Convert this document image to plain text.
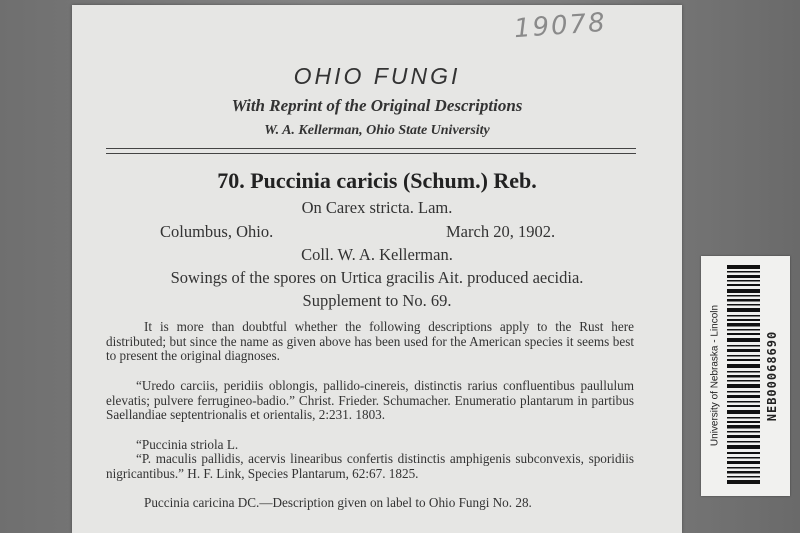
19078
OHIO FUNGI
With Reprint of the Original Descriptions
W. A. Kellerman, Ohio State University
70. Puccinia caricis (Schum.) Reb.
On Carex stricta. Lam.
Columbus, Ohio.	March 20, 1902.
Coll. W. A. Kellerman.
Sowings of the spores on Urtica gracilis Ait. produced aecidia.
Supplement to No. 69.
It is more than doubtful whether the following descriptions apply to the Rust here distributed; but since the name as given above has been used for the American species it seems best to present the original diagnoses.
“Uredo carciis, peridiis oblongis, pallido-cinereis, distinctis rarius confluentibus paullulum elevatis; pulvere ferrugineo-badio.” Christ. Frieder. Schumacher. Enumeratio plantarum in partibus Saellandiae septentrionalis et orientalis, 2:231. 1803.
“Puccinia striola L.
“P. maculis pallidis, acervis linearibus confertis distinctis amphigenis subconvexis, sporidiis nigricantibus.” H. F. Link, Species Plantarum, 62:67. 1825.
Puccinia caricina DC.—Description given on label to Ohio Fungi No. 28.
University of Nebraska - Lincoln	NEB00068690
